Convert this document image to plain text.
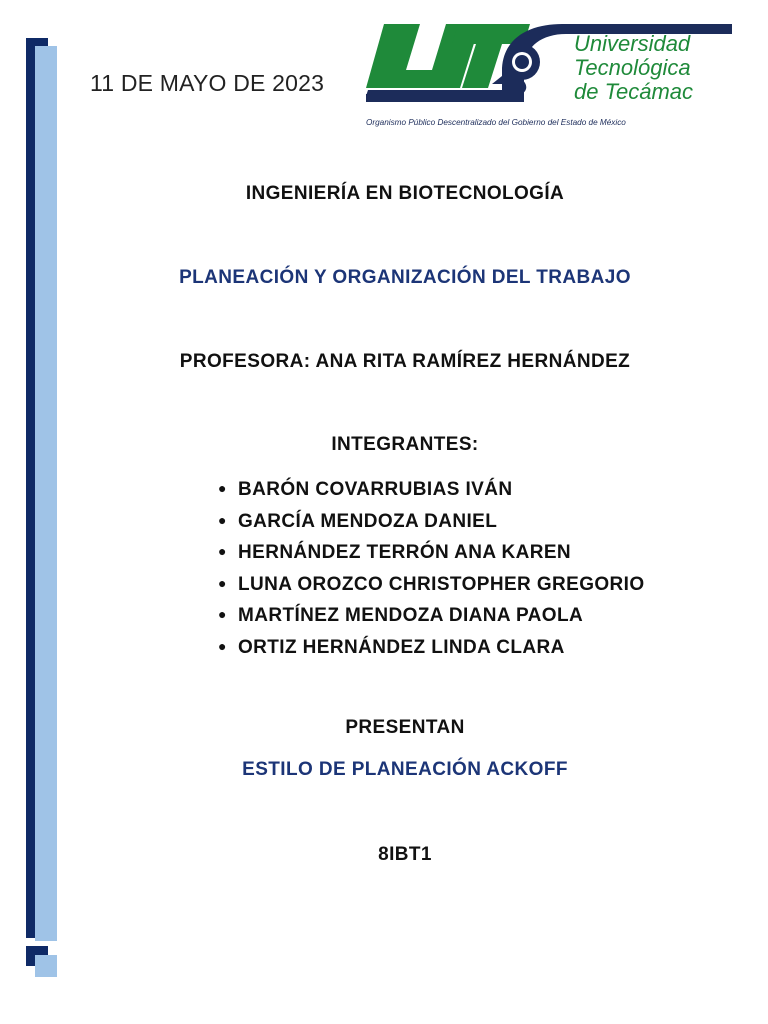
11 DE MAYO DE 2023
Universidad
Tecnológica
de Tecámac
Organismo Público Descentralizado del Gobierno del Estado de México
INGENIERÍA EN BIOTECNOLOGÍA
PLANEACIÓN Y ORGANIZACIÓN DEL TRABAJO
PROFESORA: ANA RITA RAMÍREZ HERNÁNDEZ
INTEGRANTES:
● BARÓN COVARRUBIAS IVÁN
● GARCÍA MENDOZA DANIEL
● HERNÁNDEZ TERRÓN ANA KAREN
● LUNA OROZCO CHRISTOPHER GREGORIO
● MARTÍNEZ MENDOZA DIANA PAOLA
● ORTIZ HERNÁNDEZ LINDA CLARA
PRESENTAN
ESTILO DE PLANEACIÓN ACKOFF
8IBT1
